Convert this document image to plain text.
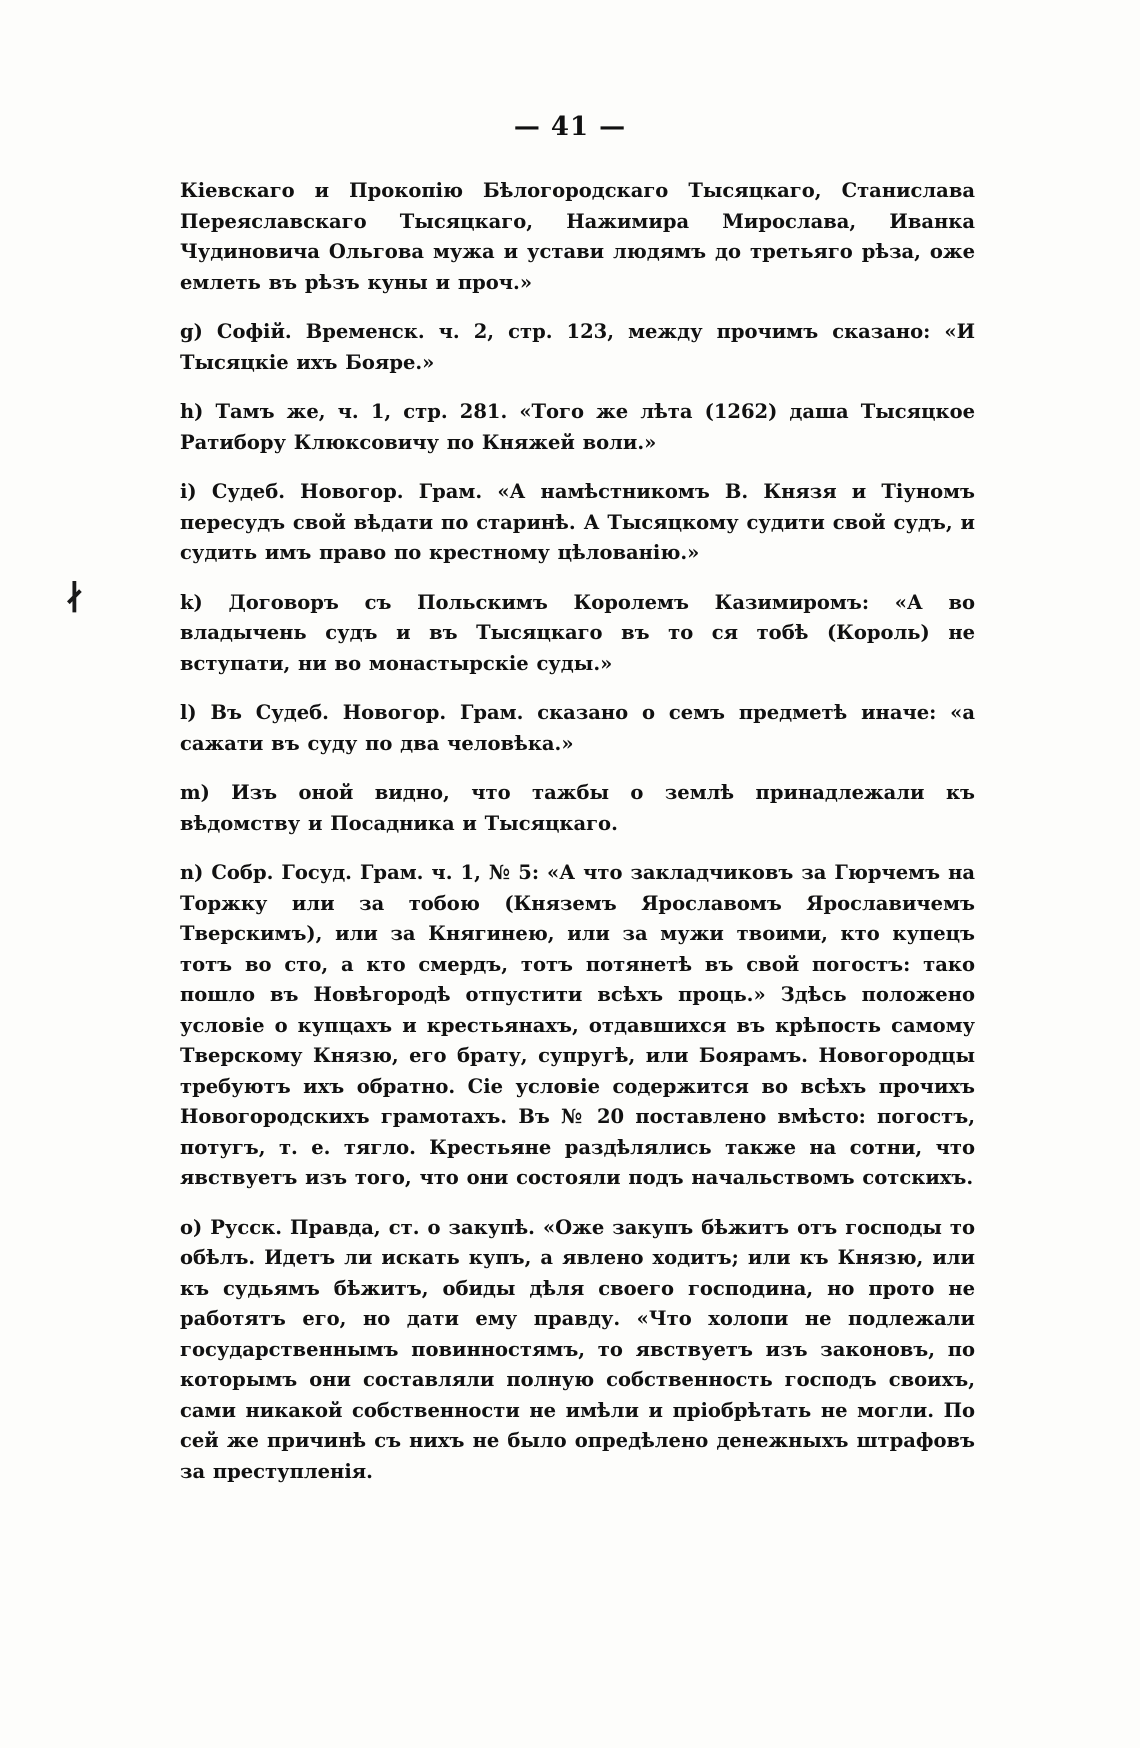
— 41 —
∤

Кіевскаго и Прокопію Бѣлогородскаго Тысяцкаго, Станислава Переяславскаго Тысяцкаго, Нажимира Мирослава, Иванка Чудиновича Ольгова мужа и устави людямъ до третьяго рѣза, оже емлеть въ рѣзъ куны и проч.»

g) Софій. Временск. ч. 2, стр. 123, между прочимъ сказано: «И Тысяцкіе ихъ Бояре.»

h) Тамъ же, ч. 1, стр. 281. «Того же лѣта (1262) даша Тысяцкое Ратибору Клюксовичу по Княжей воли.»

i) Судеб. Новогор. Грам. «А намѣстникомъ В. Князя и Тіуномъ пересудъ свой вѣдати по старинѣ. А Тысяцкому судити свой судъ, и судить имъ право по крестному цѣлованію.»

k) Договоръ съ Польскимъ Королемъ Казимиромъ: «А во владычень судъ и въ Тысяцкаго въ то ся тобѣ (Король) не вступати, ни во монастырскіе суды.»

l) Въ Судеб. Новогор. Грам. сказано о семъ предметѣ иначе: «а сажати въ суду по два человѣка.»

m) Изъ оной видно, что тажбы о землѣ принадлежали къ вѣдомству и Посадника и Тысяцкаго.

n) Собр. Госуд. Грам. ч. 1, № 5: «А что закладчиковъ за Гюрчемъ на Торжку или за тобою (Княземъ Ярославомъ Ярославичемъ Тверскимъ), или за Княгинею, или за мужи твоими, кто купецъ тотъ во сто, а кто смердъ, тотъ потянетѣ въ свой погостъ: тако пошло въ Новѣгородѣ отпустити всѣхъ проць.» Здѣсь положено условіе о купцахъ и крестьянахъ, отдавшихся въ крѣпость самому Тверскому Князю, его брату, супругѣ, или Боярамъ. Новогородцы требуютъ ихъ обратно. Сіе условіе содержится во всѣхъ прочихъ Новогородскихъ грамотахъ. Въ № 20 поставлено вмѣсто: погостъ, потугъ, т. е. тягло. Крестьяне раздѣлялись также на сотни, что явствуетъ изъ того, что они состояли подъ начальствомъ сотскихъ.

o) Русск. Правда, ст. о закупѣ. «Оже закупъ бѣжитъ отъ господы то обѣлъ. Идетъ ли искать купъ, а явлено ходитъ; или къ Князю, или къ судьямъ бѣжитъ, обиды дѣля своего господина, но прото не работятъ его, но дати ему правду. «Что холопи не подлежали государственнымъ повинностямъ, то явствуетъ изъ законовъ, по которымъ они составляли полную собственность господъ своихъ, сами никакой собственности не имѣли и пріобрѣтать не могли. По сей же причинѣ съ нихъ не было опредѣлено денежныхъ штрафовъ за преступленія.
